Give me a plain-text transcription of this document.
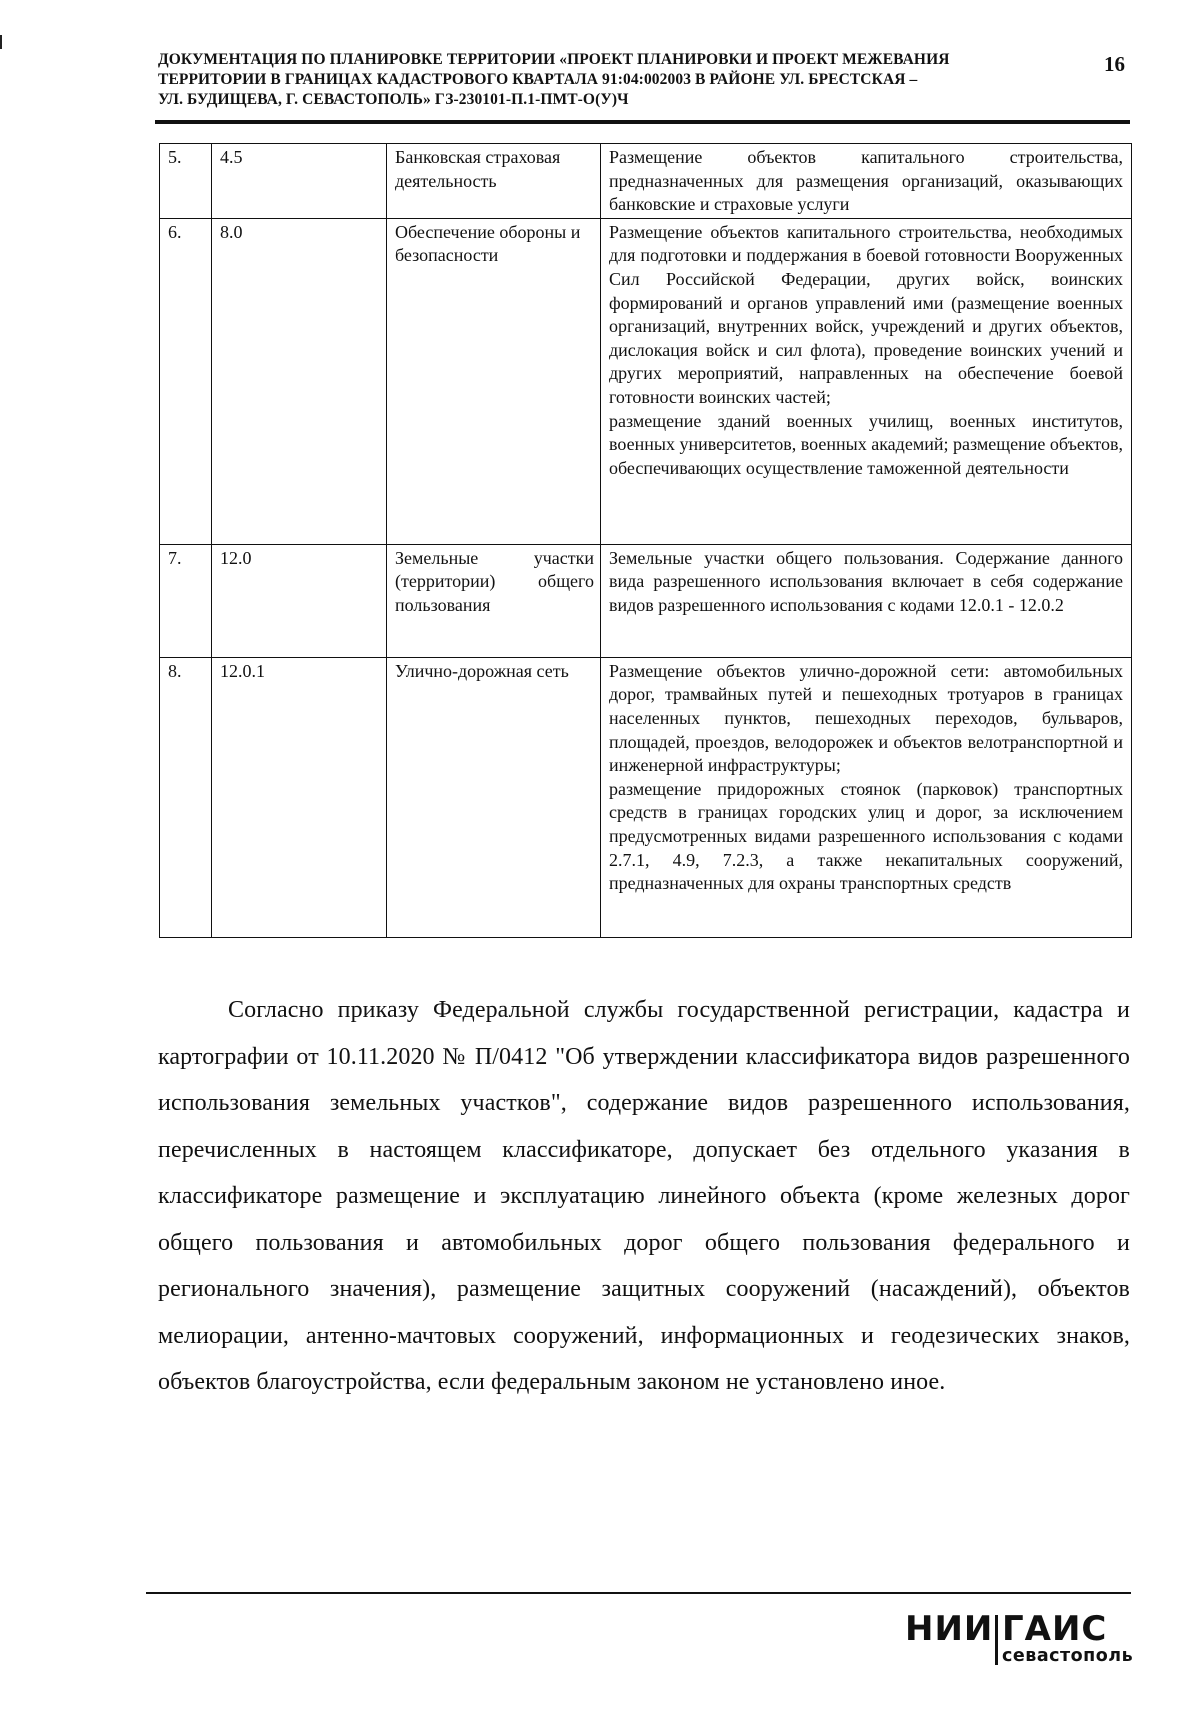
ДОКУМЕНТАЦИЯ ПО ПЛАНИРОВКЕ ТЕРРИТОРИИ «ПРОЕКТ ПЛАНИРОВКИ И ПРОЕКТ МЕЖЕВАНИЯ
ТЕРРИТОРИИ В ГРАНИЦАХ КАДАСТРОВОГО КВАРТАЛА 91:04:002003 В РАЙОНЕ УЛ. БРЕСТСКАЯ –
УЛ. БУДИЩЕВА, Г. СЕВАСТОПОЛЬ» ГЗ-230101-П.1-ПМТ-О(У)Ч
16
5.	4.5	Банковская страховая деятельность	Размещение объектов капитального строительства, предназначенных для размещения организаций, оказывающих банковские и страховые услуги
6.	8.0	Обеспечение обороны и безопасности	Размещение объектов капитального строительства, необходимых для подготовки и поддержания в боевой готовности Вооруженных Сил Российской Федерации, других войск, воинских формирований и органов управлений ими (размещение военных организаций, внутренних войск, учреждений и других объектов, дислокация войск и сил флота), проведение воинских учений и других мероприятий, направленных на обеспечение боевой готовности воинских частей;
размещение зданий военных училищ, военных институтов, военных университетов, военных академий; размещение объектов, обеспечивающих осуществление таможенной деятельности

7.	12.0	Земельные участки (территории) общего пользования	Земельные участки общего пользования. Содержание данного вида разрешенного использования включает в себя содержание видов разрешенного использования с кодами 12.0.1 - 12.0.2
8.	12.0.1	Улично-дорожная сеть	Размещение объектов улично-дорожной сети: автомобильных дорог, трамвайных путей и пешеходных тротуаров в границах населенных пунктов, пешеходных переходов, бульваров, площадей, проездов, велодорожек и объектов велотранспортной и инженерной инфраструктуры;
размещение придорожных стоянок (парковок) транспортных средств в границах городских улиц и дорог, за исключением предусмотренных видами разрешенного использования с кодами 2.7.1, 4.9, 7.2.3, а также некапитальных сооружений, предназначенных для охраны транспортных средств
Согласно приказу Федеральной службы государственной регистрации, кадастра и картографии от 10.11.2020 № П/0412 "Об утверждении классификатора видов разрешенного использования земельных участков", содержание видов разрешенного использования, перечисленных в настоящем классификаторе, допускает без отдельного указания в классификаторе размещение и эксплуатацию линейного объекта (кроме железных дорог общего пользования и автомобильных дорог общего пользования федерального и регионального значения), размещение защитных сооружений (насаждений), объектов мелиорации, антенно-мачтовых сооружений, информационных и геодезических знаков, объектов благоустройства, если федеральным законом не установлено иное.
НИИ ГАИС
севастополь
